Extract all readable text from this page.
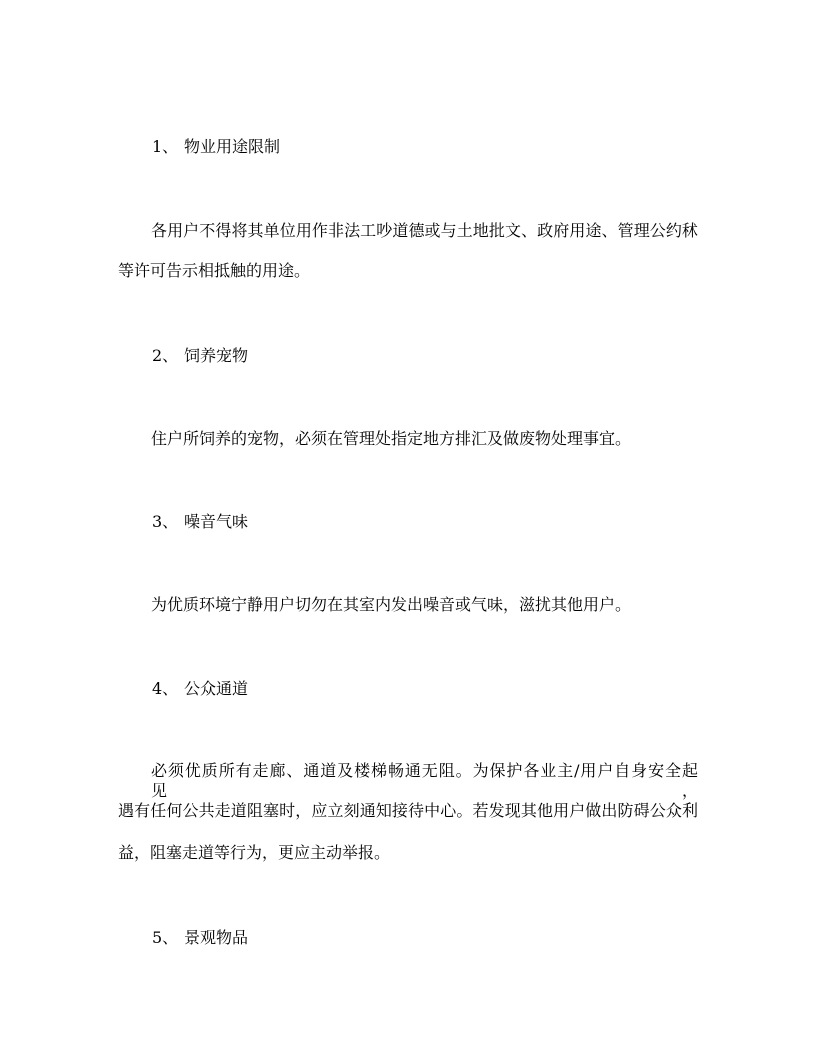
1、 物业用途限制
各用户不得将其单位用作非法工吵道德或与土地批文、政府用途、管理公约秫
等许可告示相抵触的用途。
2、 饲养宠物
住户所饲养的宠物，必须在管理处指定地方排汇及做废物处理事宜。
3、 噪音气味
为优质环境宁静用户切勿在其室内发出噪音或气味，滋扰其他用户。
4、 公众通道
必须优质所有走廊、通道及楼梯畅通无阻。为保护各业主/用户自身安全起见，
遇有任何公共走道阻塞时，应立刻通知接待中心。若发现其他用户做出防碍公众利
益，阻塞走道等行为，更应主动举报。
5、 景观物品
